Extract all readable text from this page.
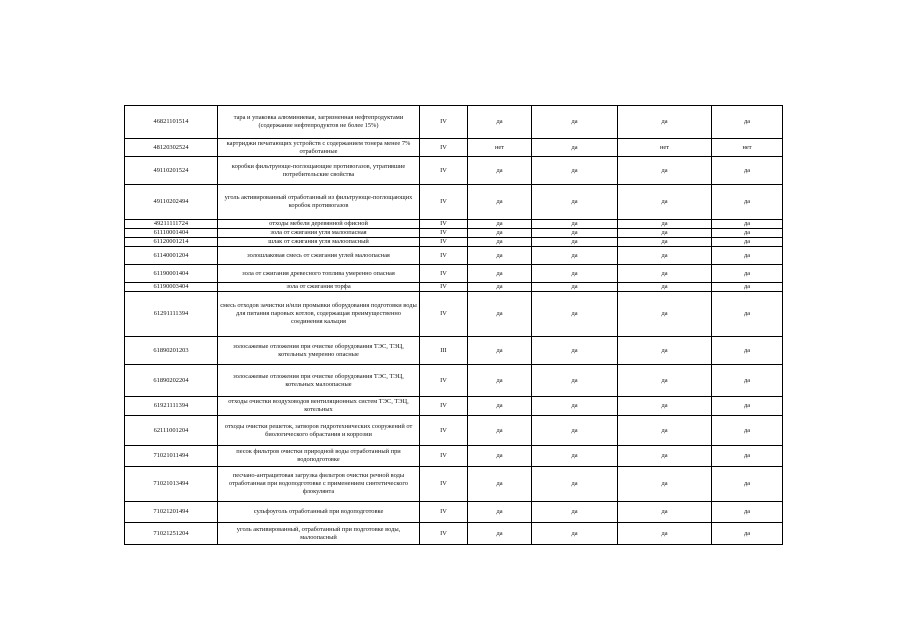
46821101514	тара и упаковка алюминиевая, загрязненная нефтепродуктами (содержание нефтепродуктов не более 15%)	IV	да	да	да	да
48120302524	картриджи печатающих устройств с содержанием тонера менее 7% отработанные	IV	нет	да	нет	нет
49110201524	коробки фильтрующе-поглощающие противогазов, утратившие потребительские свойства	IV	да	да	да	да
49110202494	уголь активированный отработанный из фильтрующе-поглощающих коробок противогазов	IV	да	да	да	да
49211111724	отходы мебели деревянной офисной	IV	да	да	да	да
61110001404	зола от сжигания угля малоопасная	IV	да	да	да	да
61120001214	шлак от сжигания угля малоопасный	IV	да	да	да	да
61140001204	золошлаковая смесь от сжигания углей малоопасная	IV	да	да	да	да
61190001404	зола от сжигания древесного топлива умеренно опасная	IV	да	да	да	да
61190003404	зола от сжигания торфа	IV	да	да	да	да
61291111394	смесь отходов зачистки и/или промывки оборудования подготовки воды для питания паровых котлов, содержащая преимущественно соединения кальция	IV	да	да	да	да
61890201203	золосажевые отложения при очистке оборудования ТЭС, ТЭЦ, котельных умеренно опасные	III	да	да	да	да
61890202204	золосажевые отложения при очистке оборудования ТЭС, ТЭЦ, котельных малоопасные	IV	да	да	да	да
61921111394	отходы очистки воздуховодов вентиляционных систем ТЭС, ТЭЦ, котельных	IV	да	да	да	да
62111001204	отходы очистки решеток, затворов гидротехнических сооружений от биологического обрастания и коррозии	IV	да	да	да	да
71021011494	песок фильтров очистки природной воды отработанный при водоподготовке	IV	да	да	да	да
71021013494	песчано-антрацитовая загрузка фильтров очистки речной воды отработанная при водоподготовке с применением синтетического флокулянта	IV	да	да	да	да
71021201494	сульфоуголь отработанный при водоподготовке	IV	да	да	да	да
71021251204	уголь активированный, отработанный при подготовке воды, малоопасный	IV	да	да	да	да
